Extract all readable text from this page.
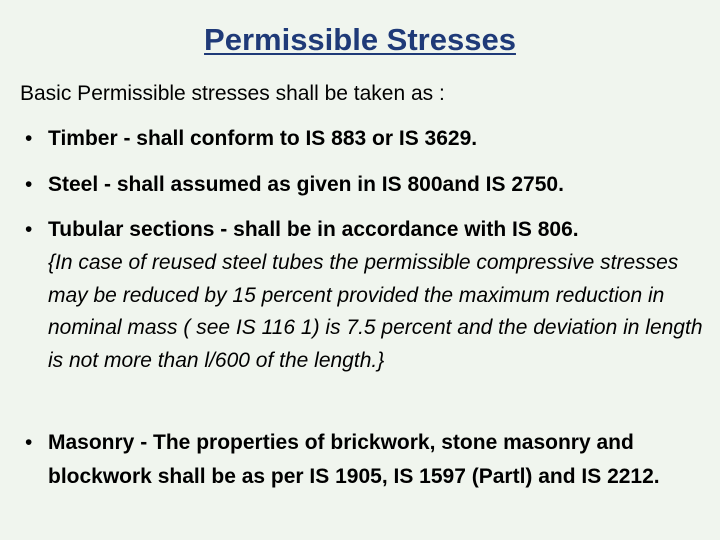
Permissible Stresses
Basic Permissible stresses shall be taken as :
• Timber - shall conform to IS 883 or IS 3629.
• Steel - shall assumed as given in IS 800and IS 2750.
• Tubular sections - shall be in accordance with IS 806.
{In case of reused steel tubes the permissible compressive stresses may be reduced by 15 percent provided the maximum reduction in nominal mass ( see IS 116 1) is 7.5 percent and the deviation in length is not more than l/600 of the length.}
• Masonry - The properties of brickwork, stone masonry and blockwork shall be as per IS 1905, IS 1597 (Partl) and IS 2212.
